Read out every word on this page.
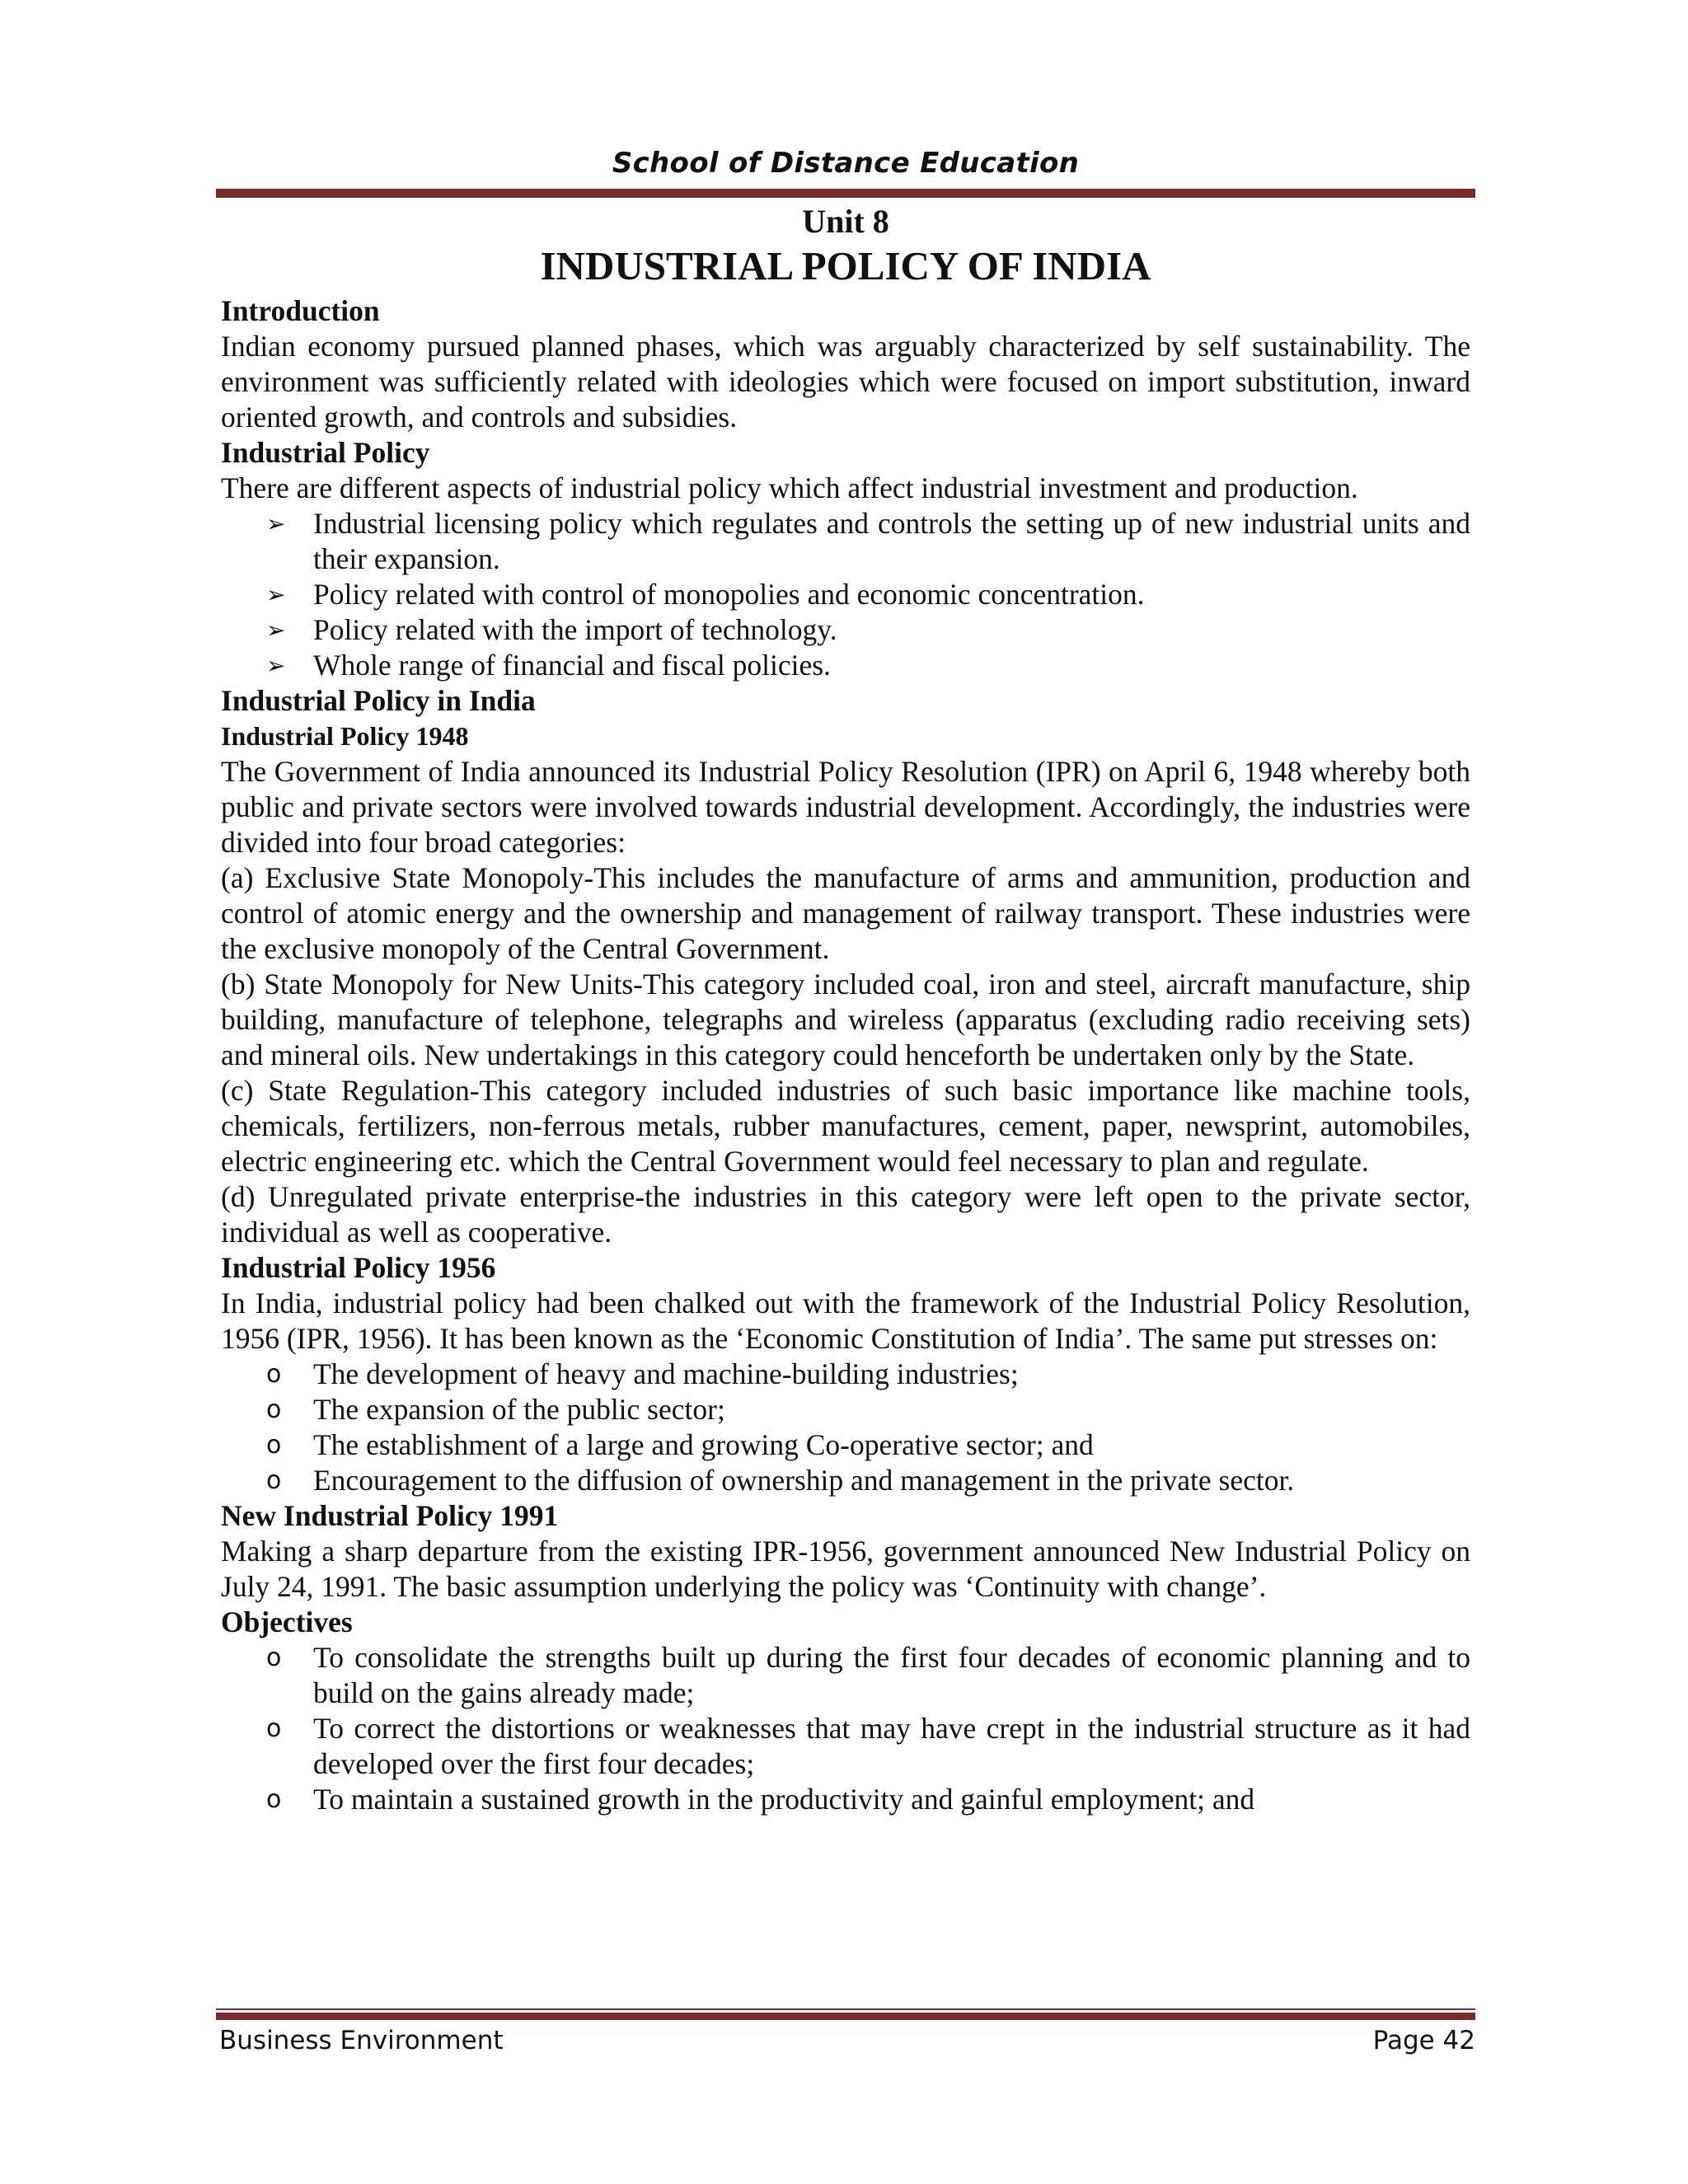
School of Distance Education
Unit 8
INDUSTRIAL POLICY OF INDIA
Introduction

Indian economy pursued planned phases, which was arguably characterized by self sustainability. The environment was sufficiently related with ideologies which were focused on import substitution, inward oriented growth, and controls and subsidies.

Industrial Policy

There are different aspects of industrial policy which affect industrial investment and production.

➢ Industrial licensing policy which regulates and controls the setting up of new industrial units and their expansion.
➢ Policy related with control of monopolies and economic concentration.
➢ Policy related with the import of technology.
➢ Whole range of financial and fiscal policies.
Industrial Policy in India
Industrial Policy 1948

The Government of India announced its Industrial Policy Resolution (IPR) on April 6, 1948 whereby both public and private sectors were involved towards industrial development. Accordingly, the industries were divided into four broad categories:

(a) Exclusive State Monopoly-This includes the manufacture of arms and ammunition, production and control of atomic energy and the ownership and management of railway transport. These industries were the exclusive monopoly of the Central Government.

(b) State Monopoly for New Units-This category included coal, iron and steel, aircraft manufacture, ship building, manufacture of telephone, telegraphs and wireless (apparatus (excluding radio receiving sets) and mineral oils. New undertakings in this category could henceforth be undertaken only by the State.

(c) State Regulation-This category included industries of such basic importance like machine tools, chemicals, fertilizers, non-ferrous metals, rubber manufactures, cement, paper, newsprint, automobiles, electric engineering etc. which the Central Government would feel necessary to plan and regulate.

(d) Unregulated private enterprise-the industries in this category were left open to the private sector, individual as well as cooperative.

Industrial Policy 1956

In India, industrial policy had been chalked out with the framework of the Industrial Policy Resolution, 1956 (IPR, 1956). It has been known as the ‘Economic Constitution of India’. The same put stresses on:

o	The development of heavy and machine-building industries;
o	The expansion of the public sector;
o	The establishment of a large and growing Co-operative sector; and
o	Encouragement to the diffusion of ownership and management in the private sector.
New Industrial Policy 1991

Making a sharp departure from the existing IPR-1956, government announced New Industrial Policy on July 24, 1991. The basic assumption underlying the policy was ‘Continuity with change’.

Objectives
o	To consolidate the strengths built up during the first four decades of economic planning and to build on the gains already made;
o	To correct the distortions or weaknesses that may have crept in the industrial structure as it had developed over the first four decades;
o	To maintain a sustained growth in the productivity and gainful employment; and
Business Environment	Page 42
